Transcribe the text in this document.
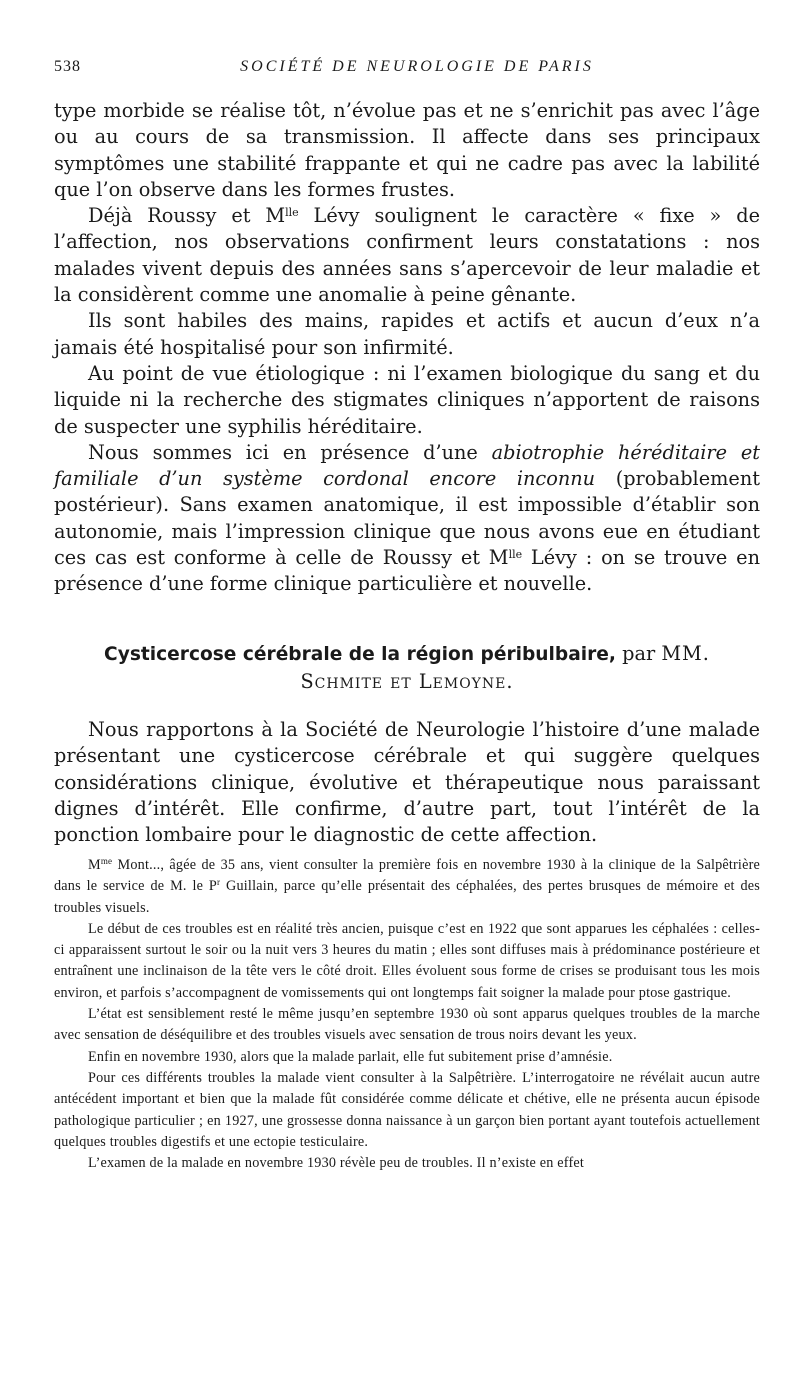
538	SOCIÉTÉ DE NEUROLOGIE DE PARIS

type morbide se réalise tôt, n’évolue pas et ne s’enrichit pas avec l’âge ou au cours de sa transmission. Il affecte dans ses principaux symptômes une stabilité frappante et qui ne cadre pas avec la labilité que l’on observe dans les formes frustes.

Déjà Roussy et $M^{lle}$ Lévy soulignent le caractère « fixe » de l’affection, nos observations confirment leurs constatations : nos malades vivent depuis des années sans s’apercevoir de leur maladie et la considèrent comme une anomalie à peine gênante.

Ils sont habiles des mains, rapides et actifs et aucun d’eux n’a jamais été hospitalisé pour son infirmité.

Au point de vue étiologique : ni l’examen biologique du sang et du liquide ni la recherche des stigmates cliniques n’apportent de raisons de suspecter une syphilis héréditaire.

Nous sommes ici en présence d’une abiotrophie héréditaire et familiale d’un système cordonal encore inconnu (probablement postérieur). Sans examen anatomique, il est impossible d’établir son autonomie, mais l’impression clinique que nous avons eue en étudiant ces cas est conforme à celle de Roussy et $M^{lle}$ Lévy : on se trouve en présence d’une forme clinique particulière et nouvelle.

Cysticercose cérébrale de la région péribulbaire, par MM. Schmite et Lemoyne.

Nous rapportons à la Société de Neurologie l’histoire d’une malade présentant une cysticercose cérébrale et qui suggère quelques considérations clinique, évolutive et thérapeutique nous paraissant dignes d’intérêt. Elle confirme, d’autre part, tout l’intérêt de la ponction lombaire pour le diagnostic de cette affection.

$M^{me}$ Mont..., âgée de 35 ans, vient consulter la première fois en novembre 1930 à la clinique de la Salpêtrière dans le service de M. le $P^r$ Guillain, parce qu’elle présentait des céphalées, des pertes brusques de mémoire et des troubles visuels.

Le début de ces troubles est en réalité très ancien, puisque c’est en 1922 que sont apparues les céphalées : celles-ci apparaissent surtout le soir ou la nuit vers 3 heures du matin ; elles sont diffuses mais à prédominance postérieure et entraînent une inclinaison de la tête vers le côté droit. Elles évoluent sous forme de crises se produisant tous les mois environ, et parfois s’accompagnent de vomissements qui ont longtemps fait soigner la malade pour ptose gastrique.

L’état est sensiblement resté le même jusqu’en septembre 1930 où sont apparus quelques troubles de la marche avec sensation de déséquilibre et des troubles visuels avec sensation de trous noirs devant les yeux.

Enfin en novembre 1930, alors que la malade parlait, elle fut subitement prise d’amnésie.

Pour ces différents troubles la malade vient consulter à la Salpêtrière. L’interrogatoire ne révélait aucun autre antécédent important et bien que la malade fût considérée comme délicate et chétive, elle ne présenta aucun épisode pathologique particulier ; en 1927, une grossesse donna naissance à un garçon bien portant ayant toutefois actuellement quelques troubles digestifs et une ectopie testiculaire.

L’examen de la malade en novembre 1930 révèle peu de troubles. Il n’existe en effet
